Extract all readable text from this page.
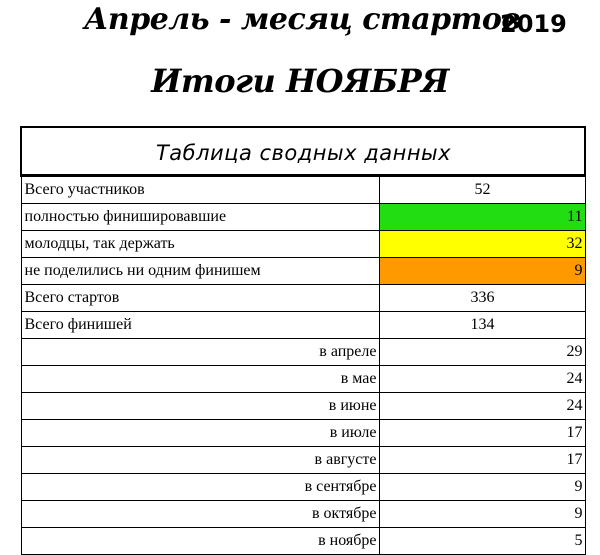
Апрель - месяц стартов
2019
Итоги НОЯБРЯ
Таблица сводных данных	
Всего участников	52
полностью финишировавшие	11
молодцы, так держать	32
не поделились ни одним финишем	9
Всего стартов	336
Всего финишей	134
в апреле	29
в мае	24
в июне	24
в июле	17
в августе	17
в сентябре	9
в октябре	9
в ноябре	5
